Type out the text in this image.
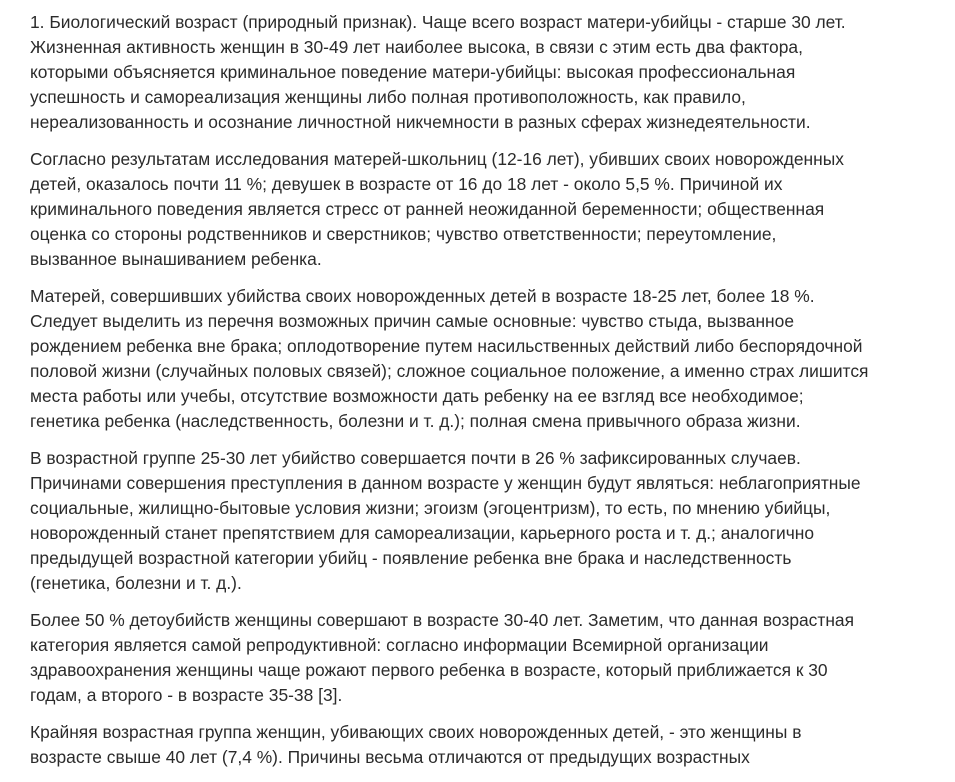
1. Биологический возраст (природный признак). Чаще всего возраст матери-убийцы - старше 30 лет.
Жизненная активность женщин в 30-49 лет наиболее высока, в связи с этим есть два фактора,
которыми объясняется криминальное поведение матери-убийцы: высокая профессиональная
успешность и самореализация женщины либо полная противоположность, как правило,
нереализованность и осознание личностной никчемности в разных сферах жизнедеятельности.

Согласно результатам исследования матерей-школьниц (12-16 лет), убивших своих новорожденных
детей, оказалось почти 11 %; девушек в возрасте от 16 до 18 лет - около 5,5 %. Причиной их
криминального поведения является стресс от ранней неожиданной беременности; общественная
оценка со стороны родственников и сверстников; чувство ответственности; переутомление,
вызванное вынашиванием ребенка.

Матерей, совершивших убийства своих новорожденных детей в возрасте 18-25 лет, более 18 %.
Следует выделить из перечня возможных причин самые основные: чувство стыда, вызванное
рождением ребенка вне брака; оплодотворение путем насильственных действий либо беспорядочной
половой жизни (случайных половых связей); сложное социальное положение, а именно страх лишится
места работы или учебы, отсутствие возможности дать ребенку на ее взгляд все необходимое;
генетика ребенка (наследственность, болезни и т. д.); полная смена привычного образа жизни.

В возрастной группе 25-30 лет убийство совершается почти в 26 % зафиксированных случаев.
Причинами совершения преступления в данном возрасте у женщин будут являться: неблагоприятные
социальные, жилищно-бытовые условия жизни; эгоизм (эгоцентризм), то есть, по мнению убийцы,
новорожденный станет препятствием для самореализации, карьерного роста и т. д.; аналогично
предыдущей возрастной категории убийц - появление ребенка вне брака и наследственность
(генетика, болезни и т. д.).

Более 50 % детоубийств женщины совершают в возрасте 30-40 лет. Заметим, что данная возрастная
категория является самой репродуктивной: согласно информации Всемирной организации
здравоохранения женщины чаще рожают первого ребенка в возрасте, который приближается к 30
годам, а второго - в возрасте 35-38 [3].

Крайняя возрастная группа женщин, убивающих своих новорожденных детей, - это женщины в
возрасте свыше 40 лет (7,4 %). Причины весьма отличаются от предыдущих возрастных
